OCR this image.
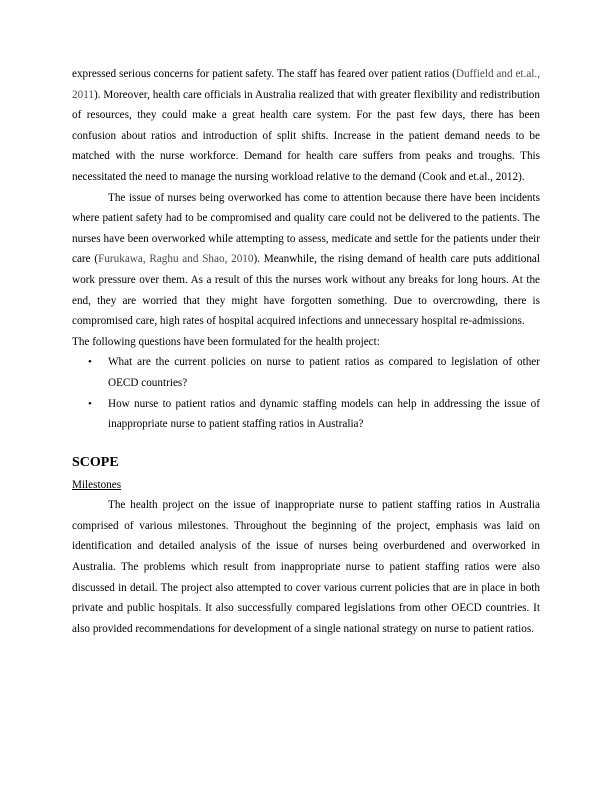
expressed serious concerns for patient safety. The staff has feared over patient ratios (Duffield and et.al., 2011). Moreover, health care officials in Australia realized that with greater flexibility and redistribution of resources, they could make a great health care system. For the past few days, there has been confusion about ratios and introduction of split shifts. Increase in the patient demand needs to be matched with the nurse workforce. Demand for health care suffers from peaks and troughs. This necessitated the need to manage the nursing workload relative to the demand (Cook and et.al., 2012).

The issue of nurses being overworked has come to attention because there have been incidents where patient safety had to be compromised and quality care could not be delivered to the patients. The nurses have been overworked while attempting to assess, medicate and settle for the patients under their care (Furukawa, Raghu and Shao, 2010). Meanwhile, the rising demand of health care puts additional work pressure over them. As a result of this the nurses work without any breaks for long hours. At the end, they are worried that they might have forgotten something. Due to overcrowding, there is compromised care, high rates of hospital acquired infections and unnecessary hospital re-admissions.

The following questions have been formulated for the health project:

• What are the current policies on nurse to patient ratios as compared to legislation of other OECD countries?
• How nurse to patient ratios and dynamic staffing models can help in addressing the issue of inappropriate nurse to patient staffing ratios in Australia?
SCOPE

Milestones

The health project on the issue of inappropriate nurse to patient staffing ratios in Australia comprised of various milestones. Throughout the beginning of the project, emphasis was laid on identification and detailed analysis of the issue of nurses being overburdened and overworked in Australia. The problems which result from inappropriate nurse to patient staffing ratios were also discussed in detail. The project also attempted to cover various current policies that are in place in both private and public hospitals. It also successfully compared legislations from other OECD countries. It also provided recommendations for development of a single national strategy on nurse to patient ratios.
